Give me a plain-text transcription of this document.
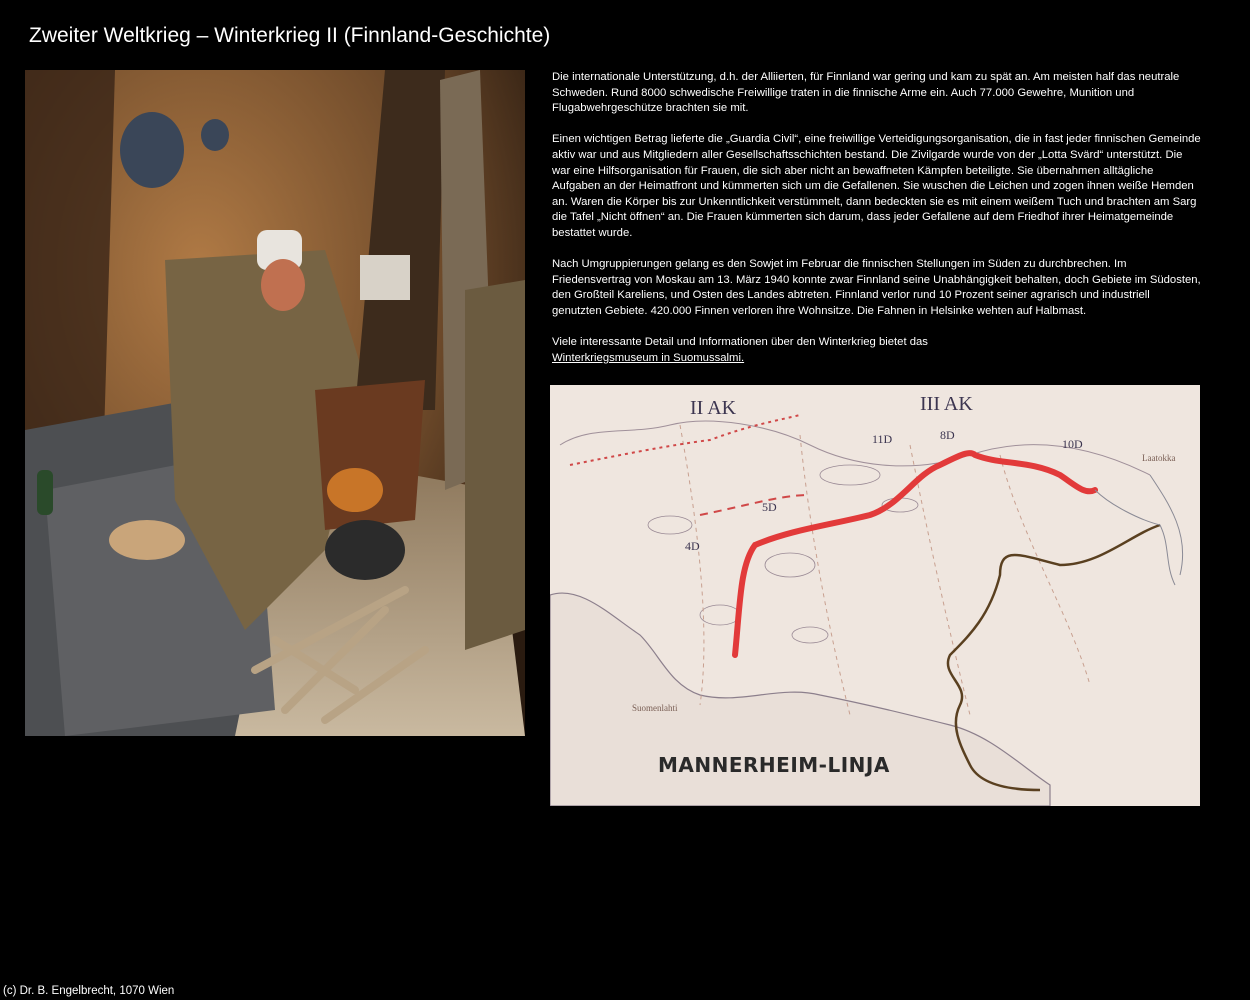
Zweiter Weltkrieg – Winterkrieg II (Finnland-Geschichte)

Die internationale Unterstützung, d.h. der Alliierten, für Finnland war gering und kam zu spät an. Am meisten half das neutrale Schweden. Rund 8000 schwedische Freiwillige traten in die finnische Arme ein. Auch 77.000 Gewehre, Munition und Flugabwehrgeschütze brachten sie mit.

Einen wichtigen Betrag lieferte die „Guardia Civil“, eine freiwillige Verteidigungsorganisation, die in fast jeder finnischen Gemeinde aktiv war und aus Mitgliedern aller Gesellschaftsschichten bestand. Die Zivilgarde wurde von der „Lotta Svärd“ unterstützt. Die war eine Hilfsorganisation für Frauen, die sich aber nicht an bewaffneten Kämpfen beteiligte. Sie übernahmen alltägliche Aufgaben an der Heimatfront und kümmerten sich um die Gefallenen. Sie wuschen die Leichen und zogen ihnen weiße Hemden an. Waren die Körper bis zur Unkenntlichkeit verstümmelt, dann bedeckten sie es mit einem weißem Tuch und brachten am Sarg die Tafel „Nicht öffnen“ an. Die Frauen kümmerten sich darum, dass jeder Gefallene auf dem Friedhof ihrer Heimatgemeinde bestattet wurde.

Nach Umgruppierungen gelang es den Sowjet im Februar die finnischen Stellungen im Süden zu durchbrechen. Im Friedensvertrag von Moskau am 13. März 1940 konnte zwar Finnland seine Unabhängigkeit behalten, doch Gebiete im Südosten, den Großteil Kareliens, und Osten des Landes abtreten. Finnland verlor rund 10 Prozent seiner agrarisch und industriell genutzten Gebiete. 420.000 Finnen verloren ihre Wohnsitze. Die Fahnen in Helsinke wehten auf Halbmast.

Viele interessante Detail und Informationen über den Winterkrieg bietet das
Winterkriegsmuseum in Suomussalmi.

II AK	III AK
11D	8D
10D
5D
4D
Laatokka
Suomenlahti
MANNERHEIM-LINJA
(c) Dr. B. Engelbrecht, 1070 Wien
